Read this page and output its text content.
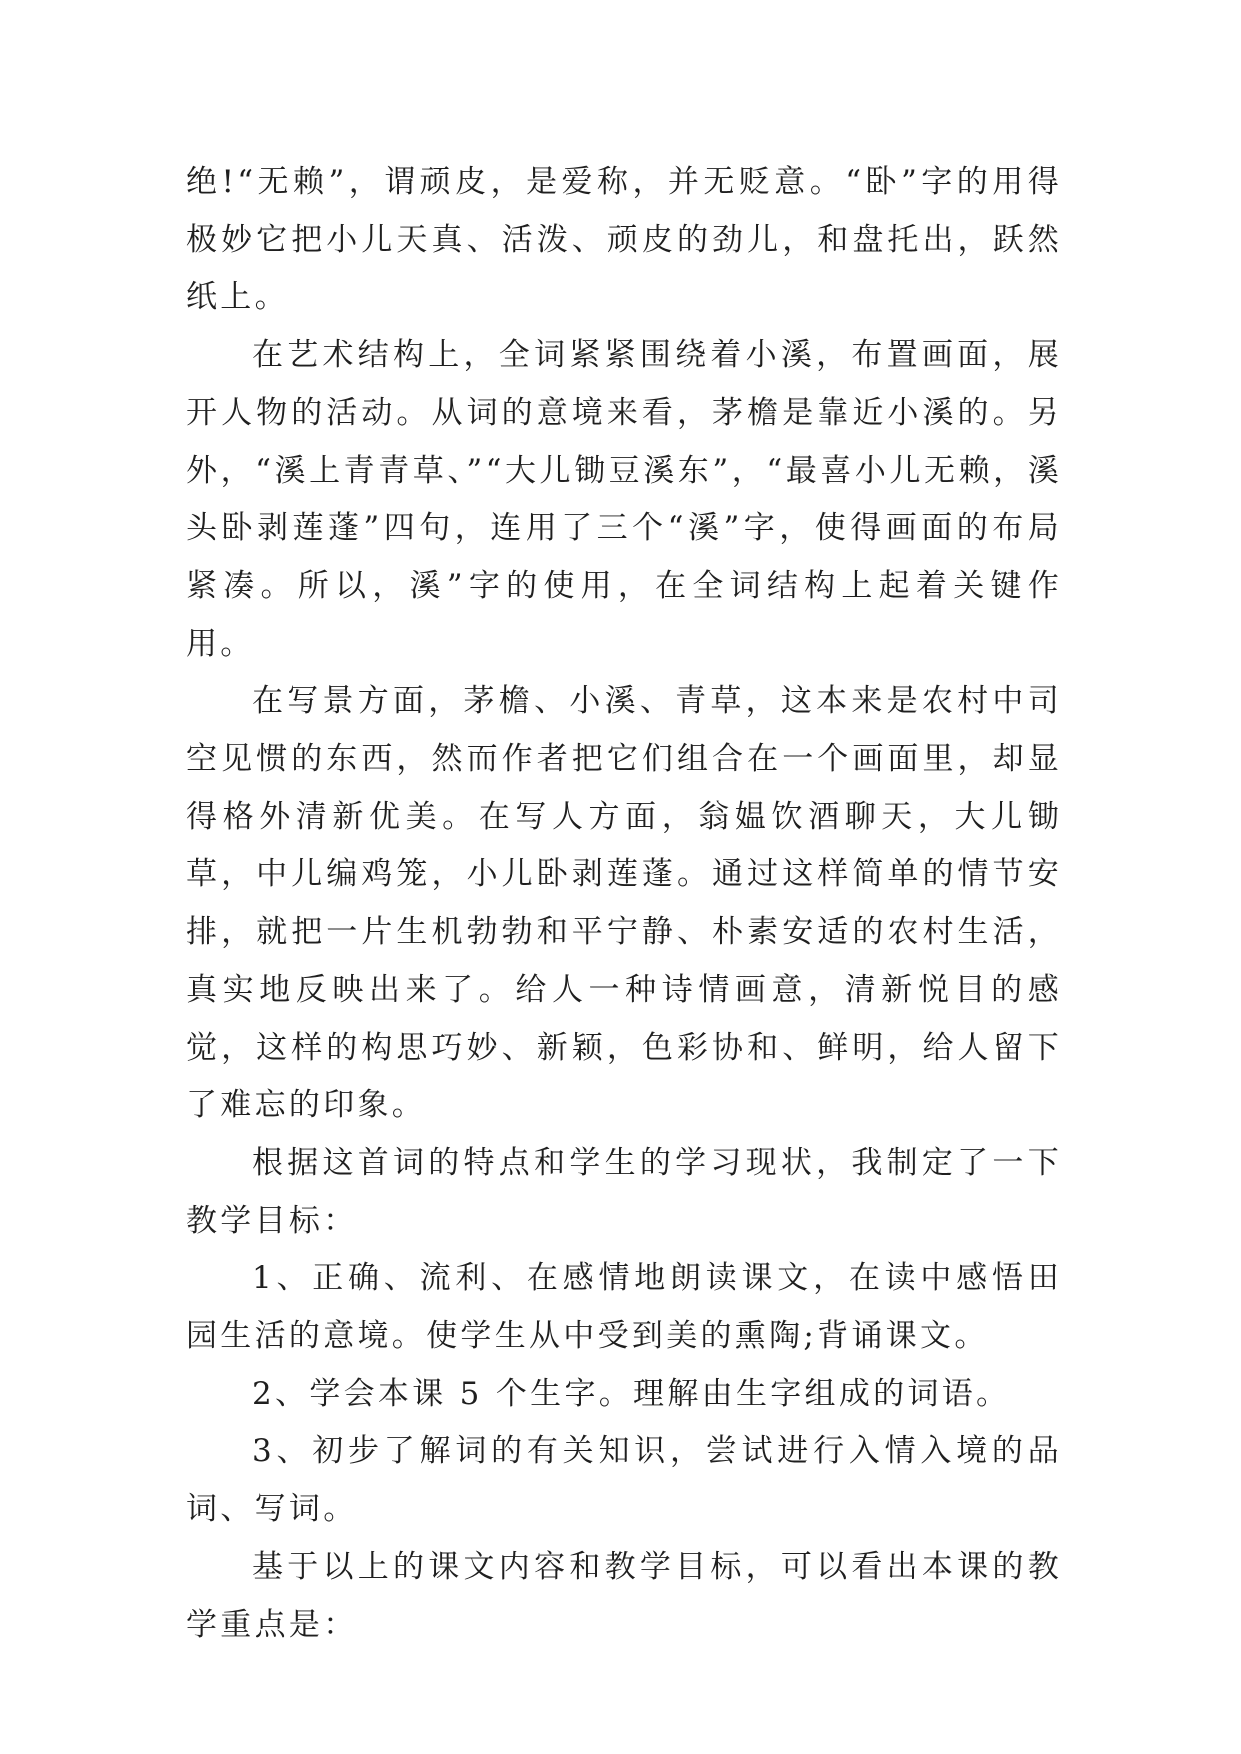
绝!“无赖”，谓顽皮，是爱称，并无贬意。“卧”字的用得极妙它把小儿天真、活泼、顽皮的劲儿，和盘托出，跃然纸上。

在艺术结构上，全词紧紧围绕着小溪，布置画面，展开人物的活动。从词的意境来看，茅檐是靠近小溪的。另外，“溪上青青草、”“大儿锄豆溪东”，“最喜小儿无赖，溪头卧剥莲蓬”四句，连用了三个“溪”字，使得画面的布局紧凑。所以，溪”字的使用，在全词结构上起着关键作用。

在写景方面，茅檐、小溪、青草，这本来是农村中司空见惯的东西，然而作者把它们组合在一个画面里，却显得格外清新优美。在写人方面，翁媪饮酒聊天，大儿锄草，中儿编鸡笼，小儿卧剥莲蓬。通过这样简单的情节安排，就把一片生机勃勃和平宁静、朴素安适的农村生活，真实地反映出来了。给人一种诗情画意，清新悦目的感觉，这样的构思巧妙、新颖，色彩协和、鲜明，给人留下了难忘的印象。

根据这首词的特点和学生的学习现状，我制定了一下教学目标：

1、正确、流利、在感情地朗读课文，在读中感悟田园生活的意境。使学生从中受到美的熏陶;背诵课文。

2、学会本课 5 个生字。理解由生字组成的词语。

3、初步了解词的有关知识，尝试进行入情入境的品词、写词。

基于以上的课文内容和教学目标，可以看出本课的教学重点是：
